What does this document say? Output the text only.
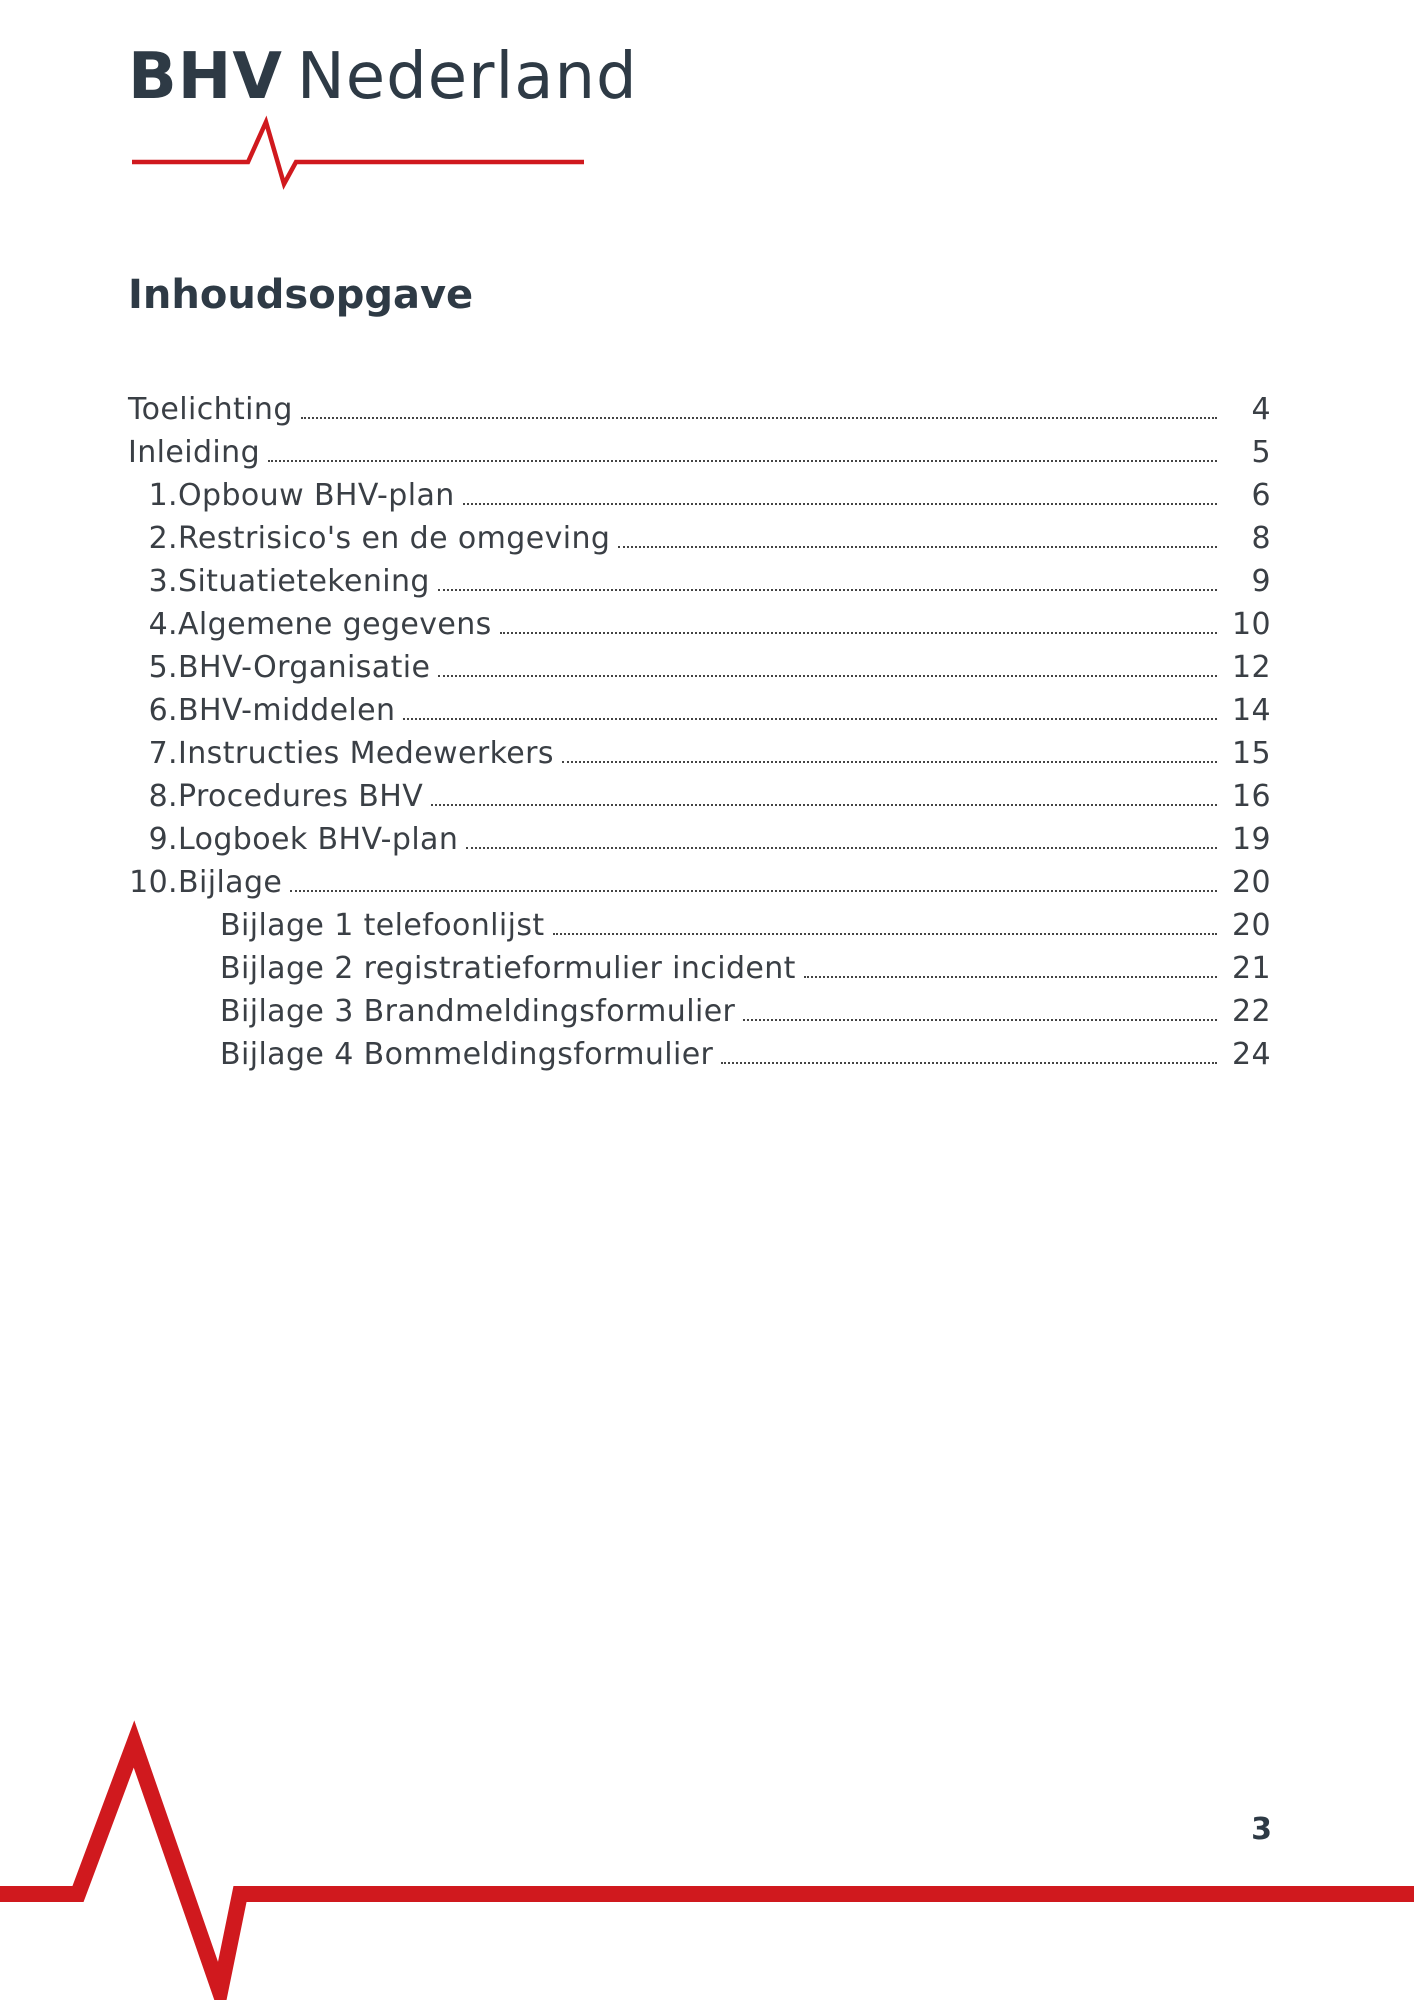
BHV Nederland
Inhoudsopgave
Toelichting	4
Inleiding	5
1. Opbouw BHV-plan	6
2. Restrisico's en de omgeving	8
3. Situatietekening	9
4. Algemene gegevens	10
5. BHV-Organisatie	12
6. BHV-middelen	14
7. Instructies Medewerkers	15
8. Procedures BHV	16
9. Logboek BHV-plan	19
10. Bijlage	20
Bijlage 1 telefoonlijst	20
Bijlage 2 registratieformulier incident	21
Bijlage 3 Brandmeldingsformulier	22
Bijlage 4 Bommeldingsformulier	24
3
